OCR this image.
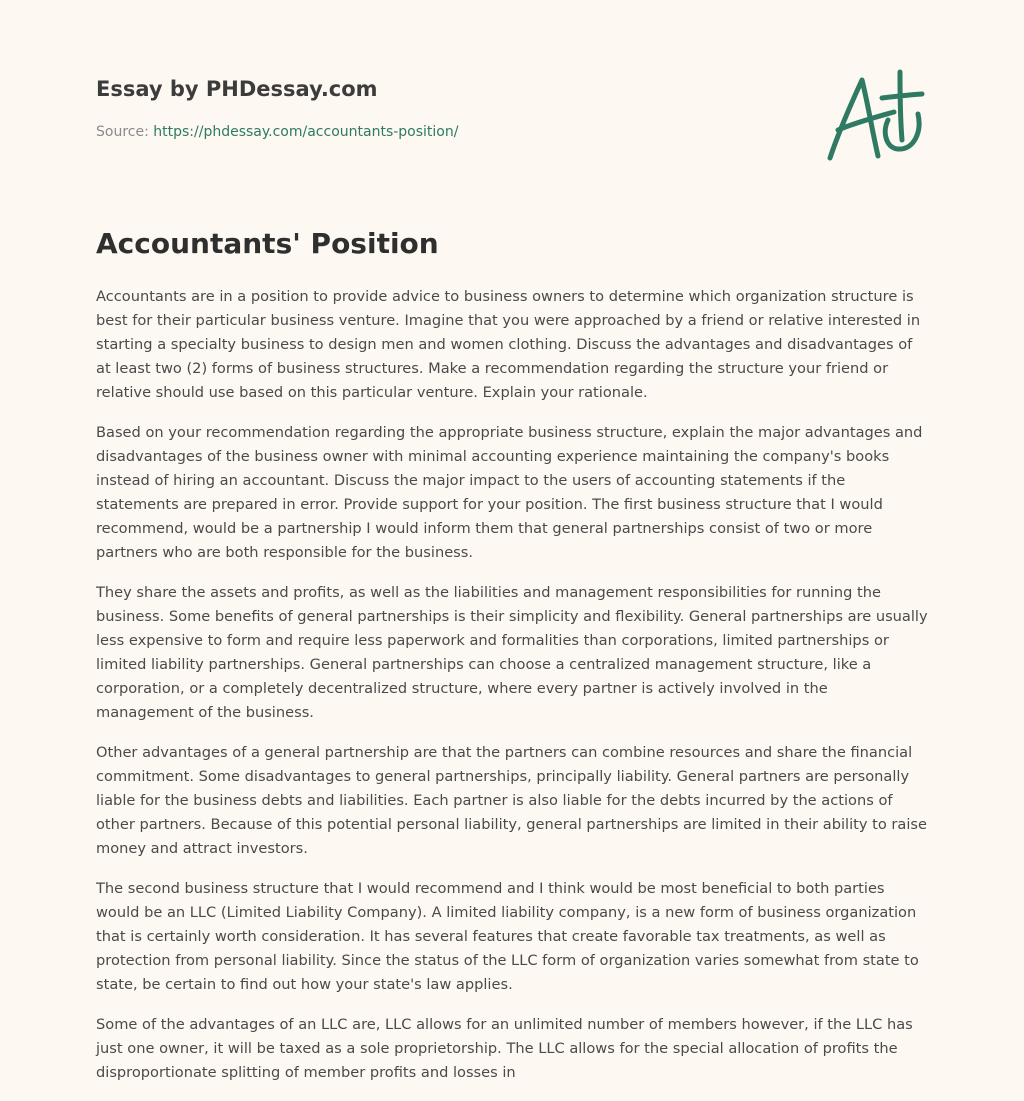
Essay by PHDessay.com
Source: https://phdessay.com/accountants-position/
Accountants' Position

Accountants are in a position to provide advice to business owners to determine which organization structure is best for their particular business venture. Imagine that you were approached by a friend or relative interested in starting a specialty business to design men and women clothing. Discuss the advantages and disadvantages of at least two (2) forms of business structures. Make a recommendation regarding the structure your friend or relative should use based on this particular venture. Explain your rationale.

Based on your recommendation regarding the appropriate business structure, explain the major advantages and disadvantages of the business owner with minimal accounting experience maintaining the company's books instead of hiring an accountant. Discuss the major impact to the users of accounting statements if the statements are prepared in error. Provide support for your position. The first business structure that I would recommend, would be a partnership I would inform them that general partnerships consist of two or more partners who are both responsible for the business.

They share the assets and profits, as well as the liabilities and management responsibilities for running the business. Some benefits of general partnerships is their simplicity and flexibility. General partnerships are usually less expensive to form and require less paperwork and formalities than corporations, limited partnerships or limited liability partnerships. General partnerships can choose a centralized management structure, like a corporation, or a completely decentralized structure, where every partner is actively involved in the management of the business.

Other advantages of a general partnership are that the partners can combine resources and share the financial commitment. Some disadvantages to general partnerships, principally liability. General partners are personally liable for the business debts and liabilities. Each partner is also liable for the debts incurred by the actions of other partners. Because of this potential personal liability, general partnerships are limited in their ability to raise money and attract investors.

The second business structure that I would recommend and I think would be most beneficial to both parties would be an LLC (Limited Liability Company). A limited liability company, is a new form of business organization that is certainly worth consideration. It has several features that create favorable tax treatments, as well as protection from personal liability. Since the status of the LLC form of organization varies somewhat from state to state, be certain to find out how your state's law applies.

Some of the advantages of an LLC are, LLC allows for an unlimited number of members however, if the LLC has just one owner, it will be taxed as a sole proprietorship. The LLC allows for the special allocation of profits the disproportionate splitting of member profits and losses in
